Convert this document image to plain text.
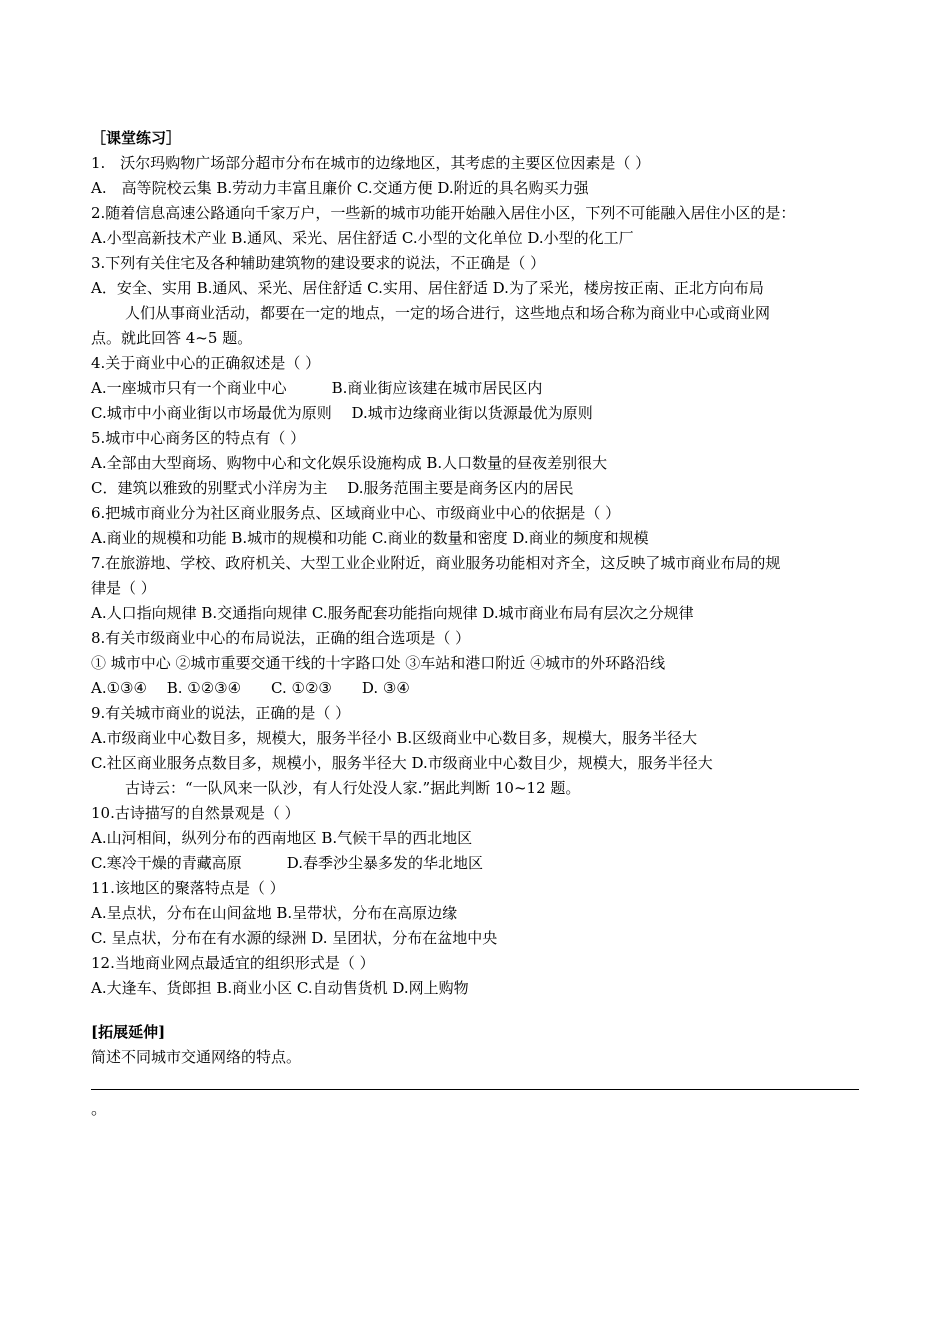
［课堂练习］
1.　沃尔玛购物广场部分超市分布在城市的边缘地区，其考虑的主要区位因素是（ ）
A.　高等院校云集 B.劳动力丰富且廉价 C.交通方便 D.附近的具名购买力强
2.随着信息高速公路通向千家万户，一些新的城市功能开始融入居住小区，下列不可能融入居住小区的是：
A.小型高新技术产业 B.通风、采光、居住舒适 C.小型的文化单位 D.小型的化工厂
3.下列有关住宅及各种辅助建筑物的建设要求的说法，不正确是（ ）
A．安全、实用 B.通风、采光、居住舒适 C.实用、居住舒适 D.为了采光，楼房按正南、正北方向布局
人们从事商业活动，都要在一定的地点，一定的场合进行，这些地点和场合称为商业中心或商业网
点。就此回答 4~5 题。
4.关于商业中心的正确叙述是（ ）
A.一座城市只有一个商业中心　　　B.商业街应该建在城市居民区内
C.城市中小商业街以市场最优为原则　 D.城市边缘商业街以货源最优为原则
5.城市中心商务区的特点有（ ）
A.全部由大型商场、购物中心和文化娱乐设施构成 B.人口数量的昼夜差别很大
C．建筑以雅致的别墅式小洋房为主　 D.服务范围主要是商务区内的居民
6.把城市商业分为社区商业服务点、区域商业中心、市级商业中心的依据是（ ）
A.商业的规模和功能 B.城市的规模和功能 C.商业的数量和密度 D.商业的频度和规模
7.在旅游地、学校、政府机关、大型工业企业附近，商业服务功能相对齐全，这反映了城市商业布局的规
律是（ ）
A.人口指向规律 B.交通指向规律 C.服务配套功能指向规律 D.城市商业布局有层次之分规律
8.有关市级商业中心的布局说法，正确的组合选项是（ ）
① 城市中心 ②城市重要交通干线的十字路口处 ③车站和港口附近 ④城市的外环路沿线
A.①③④　 B. ①②③④　　C. ①②③　　D. ③④
9.有关城市商业的说法，正确的是（ ）
A.市级商业中心数目多，规模大，服务半径小 B.区级商业中心数目多，规模大，服务半径大
C.社区商业服务点数目多，规模小，服务半径大 D.市级商业中心数目少，规模大，服务半径大
古诗云：“一队风来一队沙，有人行处没人家.”据此判断 10~12 题。
10.古诗描写的自然景观是（ ）
A.山河相间，纵列分布的西南地区 B.气候干旱的西北地区
C.寒冷干燥的青藏高原　　　D.春季沙尘暴多发的华北地区
11.该地区的聚落特点是（ ）
A.呈点状，分布在山间盆地 B.呈带状，分布在高原边缘
C. 呈点状，分布在有水源的绿洲 D. 呈团状，分布在盆地中央
12.当地商业网点最适宜的组织形式是（ ）
A.大逢车、货郎担 B.商业小区 C.自动售货机 D.网上购物
[拓展延伸]
简述不同城市交通网络的特点。
。
